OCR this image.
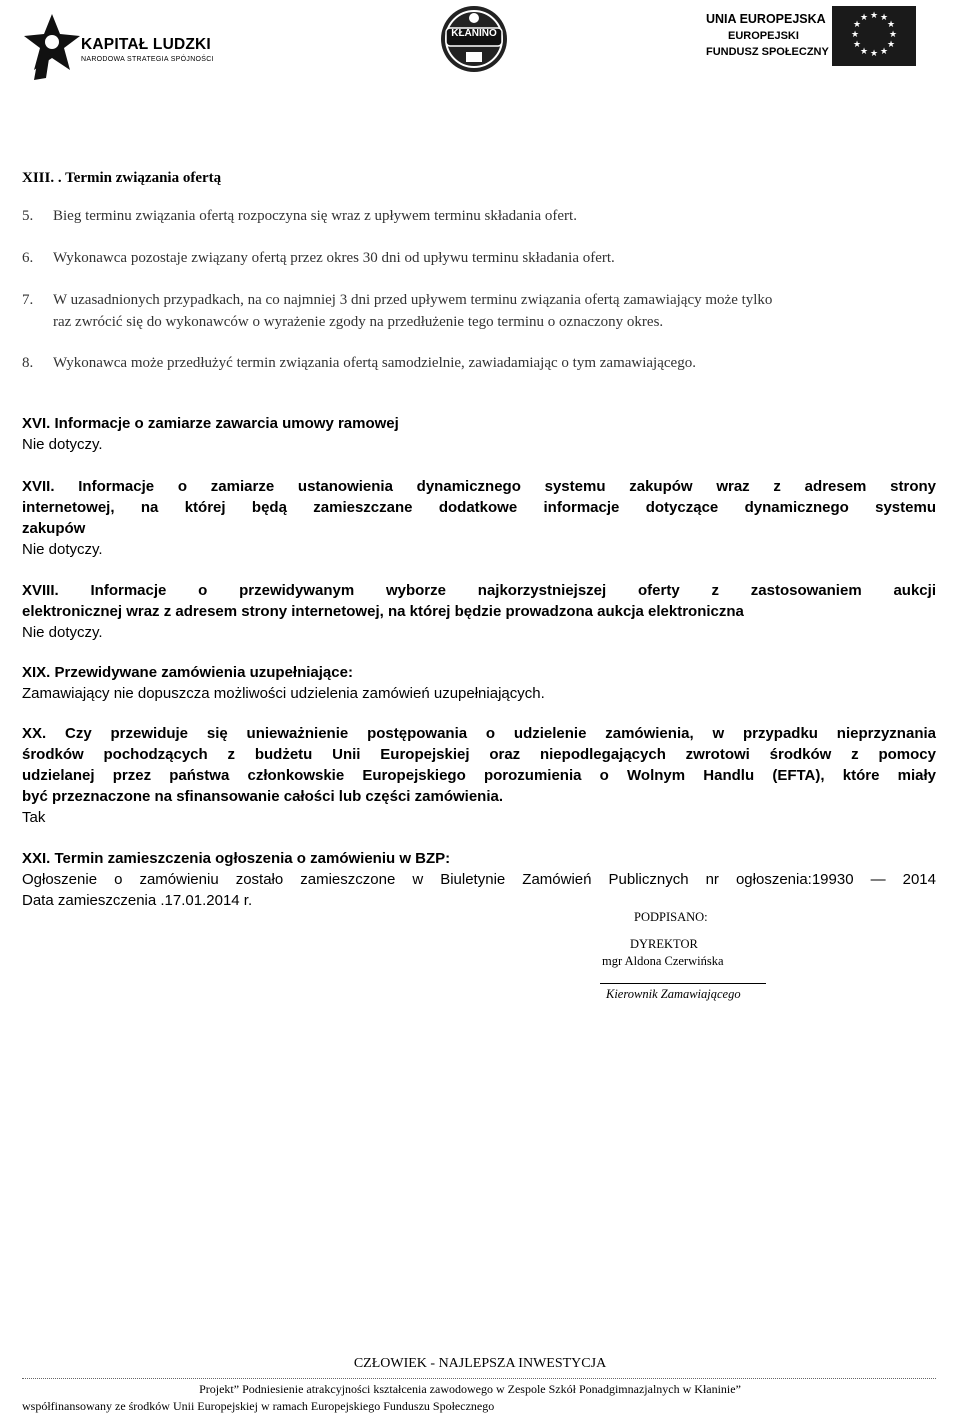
KAPITAŁ LUDZKI
NARODOWA STRATEGIA SPÓJNOŚCI
KŁANINO
UNIA EUROPEJSKA
EUROPEJSKI
FUNDUSZ SPOŁECZNY
★ ★
★
★
★
★
★
★
★
★
★
★
XIII. . Termin związania ofertą
5. Bieg terminu związania ofertą rozpoczyna się wraz z upływem terminu składania ofert.
6. Wykonawca pozostaje związany ofertą przez okres 30 dni od upływu terminu składania ofert.
7. W uzasadnionych przypadkach, na co najmniej 3 dni przed upływem terminu związania ofertą zamawiający może tylko
raz zwrócić się do wykonawców o wyrażenie zgody na przedłużenie tego terminu o oznaczony okres.
8. Wykonawca może przedłużyć termin związania ofertą samodzielnie, zawiadamiając o tym zamawiającego.
XVI. Informacje o zamiarze zawarcia umowy ramowej
Nie dotyczy.
XVII. Informacje o zamiarze ustanowienia dynamicznego systemu zakupów wraz z adresem strony
internetowej, na której będą zamieszczane dodatkowe informacje dotyczące dynamicznego systemu
zakupów
Nie dotyczy.
XVIII. Informacje o przewidywanym wyborze najkorzystniejszej oferty z zastosowaniem aukcji
elektronicznej wraz z adresem strony internetowej, na której będzie prowadzona aukcja elektroniczna
Nie dotyczy.
XIX. Przewidywane zamówienia uzupełniające:
Zamawiający nie dopuszcza możliwości udzielenia zamówień uzupełniających.
XX. Czy przewiduje się unieważnienie postępowania o udzielenie zamówienia, w przypadku nieprzyznania
środków pochodzących z budżetu Unii Europejskiej oraz niepodlegających zwrotowi środków z pomocy
udzielanej przez państwa członkowskie Europejskiego porozumienia o Wolnym Handlu (EFTA), które miały
być przeznaczone na sfinansowanie całości lub części zamówienia.
Tak
XXI. Termin zamieszczenia ogłoszenia o zamówieniu w BZP:
Ogłoszenie o zamówieniu zostało zamieszczone w Biuletynie Zamówień Publicznych nr ogłoszenia:19930 — 2014
Data zamieszczenia .17.01.2014 r.
PODPISANO:
DYREKTOR
mgr Aldona Czerwińska
Kierownik Zamawiającego
CZŁOWIEK - NAJLEPSZA INWESTYCJA
Projekt” Podniesienie atrakcyjności kształcenia zawodowego w Zespole Szkół Ponadgimnazjalnych w Kłaninie”
współfinansowany ze środków Unii Europejskiej w ramach Europejskiego Funduszu Społecznego
